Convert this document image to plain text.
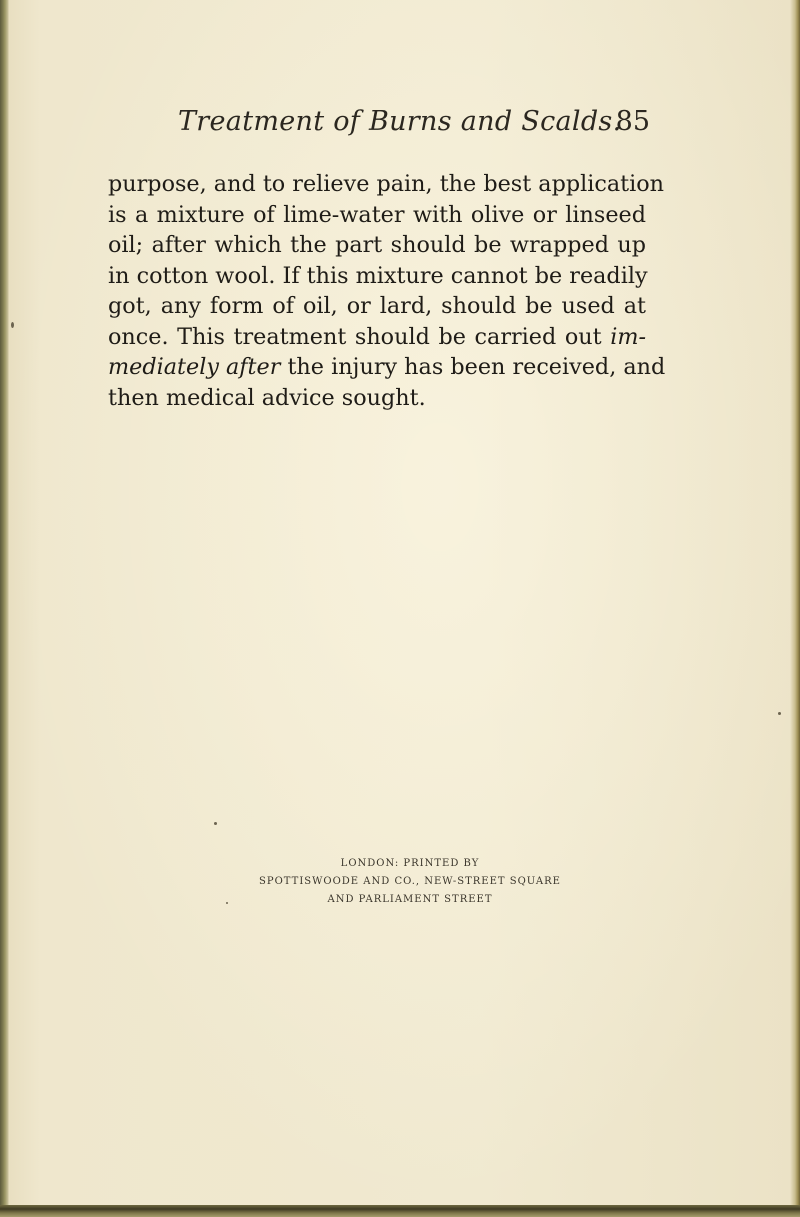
Treatment of Burns and Scalds.
85

purpose, and to relieve pain, the best application
is a mixture of lime-water with olive or linseed
oil; after which the part should be wrapped up
in cotton wool. If this mixture cannot be readily
got, any form of oil, or lard, should be used at
once. This treatment should be carried out im-
mediately after the injury has been received, and
then medical advice sought.

LONDON: PRINTED BY
SPOTTISWOODE AND CO., NEW-STREET SQUARE
AND PARLIAMENT STREET
